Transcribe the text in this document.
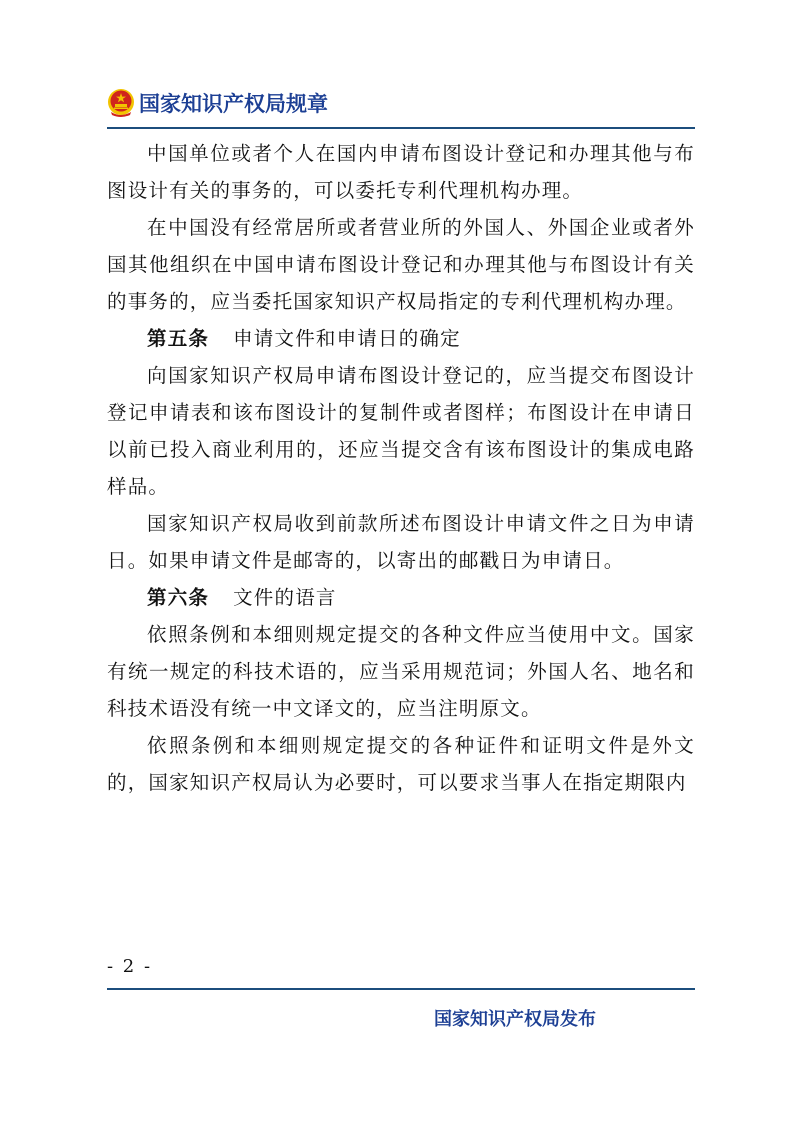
国家知识产权局规章

中国单位或者个人在国内申请布图设计登记和办理其他与布图设计有关的事务的，可以委托专利代理机构办理。

在中国没有经常居所或者营业所的外国人、外国企业或者外国其他组织在中国申请布图设计登记和办理其他与布图设计有关的事务的，应当委托国家知识产权局指定的专利代理机构办理。

第五条 申请文件和申请日的确定

向国家知识产权局申请布图设计登记的，应当提交布图设计登记申请表和该布图设计的复制件或者图样；布图设计在申请日以前已投入商业利用的，还应当提交含有该布图设计的集成电路样品。

国家知识产权局收到前款所述布图设计申请文件之日为申请日。如果申请文件是邮寄的，以寄出的邮戳日为申请日。

第六条 文件的语言

依照条例和本细则规定提交的各种文件应当使用中文。国家有统一规定的科技术语的，应当采用规范词；外国人名、地名和科技术语没有统一中文译文的，应当注明原文。

依照条例和本细则规定提交的各种证件和证明文件是外文的，国家知识产权局认为必要时，可以要求当事人在指定期限内

- 2 -
国家知识产权局发布
